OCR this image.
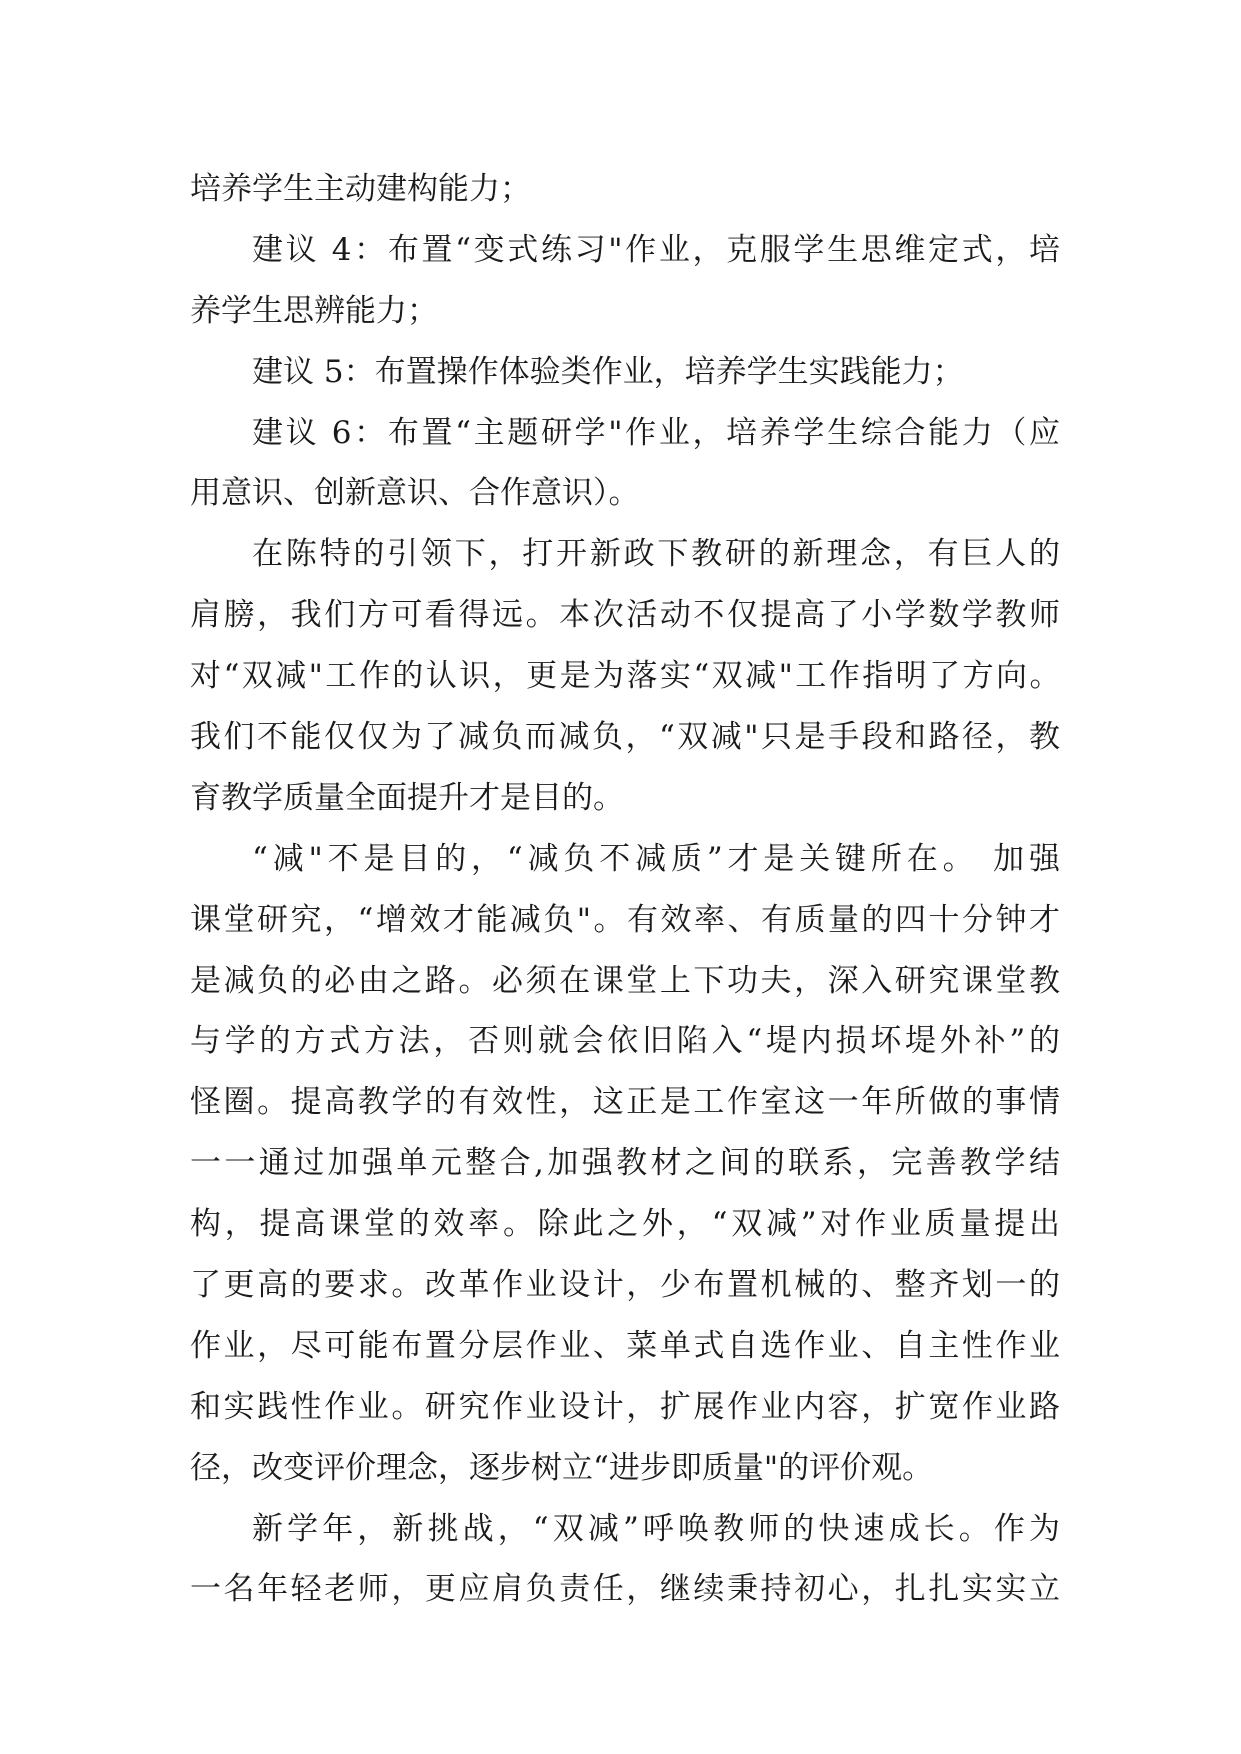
培养学生主动建构能力；
建议 4：布置“变式练习"作业，克服学生思维定式，培
养学生思辨能力；
建议 5：布置操作体验类作业，培养学生实践能力；
建议 6：布置“主题研学"作业，培养学生综合能力（应
用意识、创新意识、合作意识）。
在陈特的引领下，打开新政下教研的新理念，有巨人的
肩膀，我们方可看得远。本次活动不仅提高了小学数学教师
对“双减"工作的认识，更是为落实“双减"工作指明了方向。
我们不能仅仅为了减负而减负，“双减"只是手段和路径，教
育教学质量全面提升才是目的。
“减"不是目的，“减负不减质”才是关键所在。 加强
课堂研究，“增效才能减负"。有效率、有质量的四十分钟才
是减负的必由之路。必须在课堂上下功夫，深入研究课堂教
与学的方式方法，否则就会依旧陷入“堤内损坏堤外补”的
怪圈。提高教学的有效性，这正是工作室这一年所做的事情
一一通过加强单元整合,加强教材之间的联系，完善教学结
构，提高课堂的效率。除此之外，“双减”对作业质量提出
了更高的要求。改革作业设计，少布置机械的、整齐划一的
作业，尽可能布置分层作业、菜单式自选作业、自主性作业
和实践性作业。研究作业设计，扩展作业内容，扩宽作业路
径，改变评价理念，逐步树立“进步即质量"的评价观。
新学年，新挑战，“双减”呼唤教师的快速成长。作为
一名年轻老师，更应肩负责任，继续秉持初心，扎扎实实立
